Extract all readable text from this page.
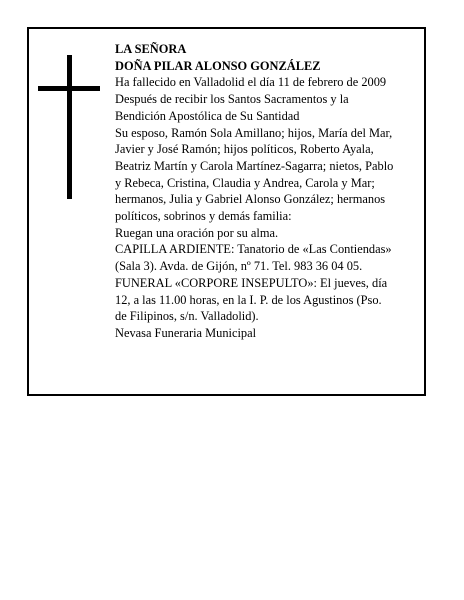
LA SEÑORA
DOÑA PILAR ALONSO GONZÁLEZ
Ha fallecido en Valladolid el día 11 de febrero de 2009
Después de recibir los Santos Sacramentos y la
Bendición Apostólica de Su Santidad
Su esposo, Ramón Sola Amillano; hijos, María del Mar,
Javier y José Ramón; hijos políticos, Roberto Ayala,
Beatriz Martín y Carola Martínez-Sagarra; nietos, Pablo
y Rebeca, Cristina, Claudia y Andrea, Carola y Mar;
hermanos, Julia y Gabriel Alonso González; hermanos
políticos, sobrinos y demás familia:
Ruegan una oración por su alma.
CAPILLA ARDIENTE: Tanatorio de «Las Contiendas»
(Sala 3). Avda. de Gijón, nº 71. Tel. 983 36 04 05.
FUNERAL «CORPORE INSEPULTO»: El jueves, día
12, a las 11.00 horas, en la I. P. de los Agustinos (Pso.
de Filipinos, s/n. Valladolid).
Nevasa Funeraria Municipal
